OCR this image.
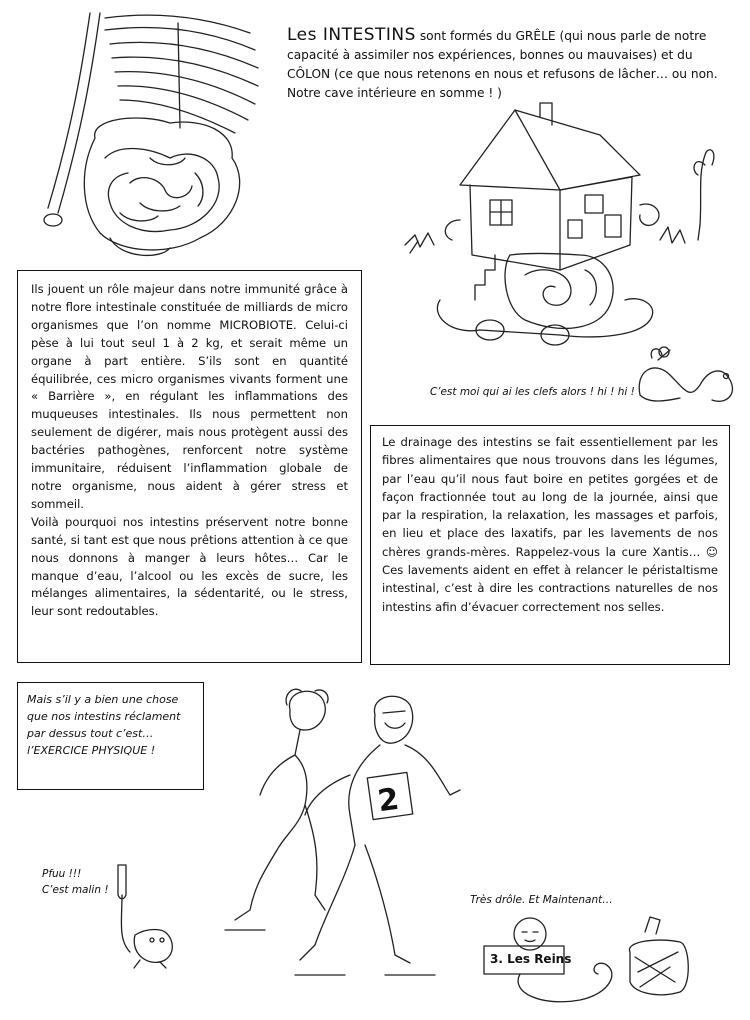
Les INTESTINS sont formés du GRÊLE (qui nous parle de notre capacité à assimiler nos expériences, bonnes ou mauvaises) et du CÔLON (ce que nous retenons en nous et refusons de lâcher… ou non. Notre cave intérieure en somme ! )
C’est moi qui ai les clefs alors ! hi ! hi !

Ils jouent un rôle majeur dans notre immunité grâce à notre flore intestinale constituée de milliards de micro organismes que l’on nomme MICROBIOTE. Celui-ci pèse à lui tout seul 1 à 2 kg, et serait même un organe à part entière. S’ils sont en quantité équilibrée, ces micro organismes vivants forment une « Barrière », en régulant les inflammations des muqueuses intestinales. Ils nous permettent non seulement de digérer, mais nous protègent aussi des bactéries pathogènes, renforcent notre système immunitaire, réduisent l’inflammation globale de notre organisme, nous aident à gérer stress et sommeil.

Voilà pourquoi nos intestins préservent notre bonne santé, si tant est que nous prêtions attention à ce que nous donnons à manger à leurs hôtes… Car le manque d’eau, l’alcool ou les excès de sucre, les mélanges alimentaires, la sédentarité, ou le stress, leur sont redoutables.

Le drainage des intestins se fait essentiellement par les fibres alimentaires que nous trouvons dans les légumes, par l’eau qu’il nous faut boire en petites gorgées et de façon fractionnée tout au long de la journée, ainsi que par la respiration, la relaxation, les massages et parfois, en lieu et place des laxatifs, par les lavements de nos chères grands-mères. Rappelez-vous la cure Xantis… ☺ Ces lavements aident en effet à relancer le péristaltisme intestinal, c’est à dire les contractions naturelles de nos intestins afin d’évacuer correctement nos selles.

Mais s’il y a bien une chose que nos intestins réclament par dessus tout c’est… l’EXERCICE PHYSIQUE !

2
Pfuu !!!
C’est malin !
Très drôle. Et Maintenant…
3. Les Reins
